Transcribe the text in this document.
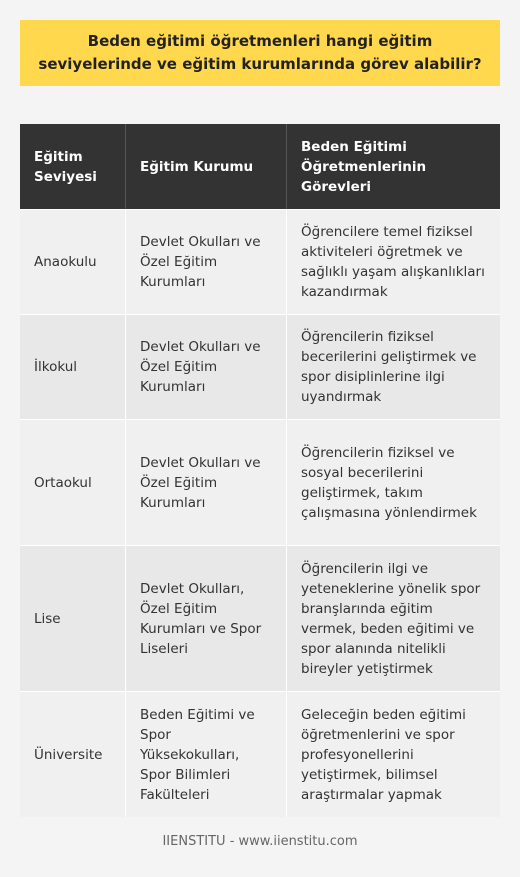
Beden eğitimi öğretmenleri hangi eğitim seviyelerinde ve eğitim kurumlarında görev alabilir?
Eğitim Seviyesi
Eğitim Kurumu
Beden Eğitimi Öğretmenlerinin Görevleri
Anaokulu
Devlet Okulları ve Özel Eğitim Kurumları
Öğrencilere temel fiziksel aktiviteleri öğretmek ve sağlıklı yaşam alışkanlıkları kazandırmak
İlkokul
Devlet Okulları ve Özel Eğitim Kurumları
Öğrencilerin fiziksel becerilerini geliştirmek ve spor disiplinlerine ilgi uyandırmak
Ortaokul
Devlet Okulları ve Özel Eğitim Kurumları
Öğrencilerin fiziksel ve sosyal becerilerini geliştirmek, takım çalışmasına yönlendirmek
Lise
Devlet Okulları, Özel Eğitim Kurumları ve Spor Liseleri
Öğrencilerin ilgi ve yeteneklerine yönelik spor branşlarında eğitim vermek, beden eğitimi ve spor alanında nitelikli bireyler yetiştirmek
Üniversite
Beden Eğitimi ve Spor Yüksekokulları, Spor Bilimleri Fakülteleri
Geleceğin beden eğitimi öğretmenlerini ve spor profesyonellerini yetiştirmek, bilimsel araştırmalar yapmak
IIENSTITU - www.iienstitu.com
